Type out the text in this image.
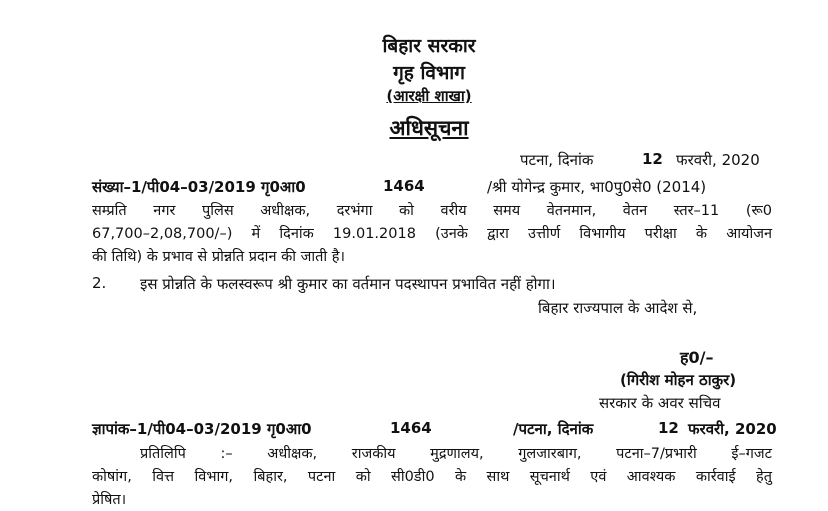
बिहार सरकार
गृह विभाग
(आरक्षी शाखा)
अधिसूचना
पटना, दिनांक	12 फरवरी, 2020
संख्या–1/पी04–03/2019 गृ0आ0	1464	/श्री योगेन्द्र कुमार, भा0पु0से0 (2014)
सम्प्रति नगर पुलिस अधीक्षक, दरभंगा को वरीय समय वेतनमान, वेतन स्तर–11 (रू0
67,700–2,08,700/–) में दिनांक 19.01.2018 (उनके द्वारा उत्तीर्ण विभागीय परीक्षा के आयोजन
की तिथि) के प्रभाव से प्रोन्नति प्रदान की जाती है।
2. इस प्रोन्नति के फलस्वरूप श्री कुमार का वर्तमान पदस्थापन प्रभावित नहीं होगा।
बिहार राज्यपाल के आदेश से,
ह0/–
(गिरीश मोहन ठाकुर)
सरकार के अवर सचिव
ज्ञापांक–1/पी04–03/2019 गृ0आ0	1464	/पटना, दिनांक	12 फरवरी, 2020
प्रतिलिपि :– अधीक्षक, राजकीय मुद्रणालय, गुलजारबाग, पटना–7/प्रभारी ई–गजट
कोषांग, वित्त विभाग, बिहार, पटना को सी0डी0 के साथ सूचनार्थ एवं आवश्यक कार्रवाई हेतु
प्रेषित।
